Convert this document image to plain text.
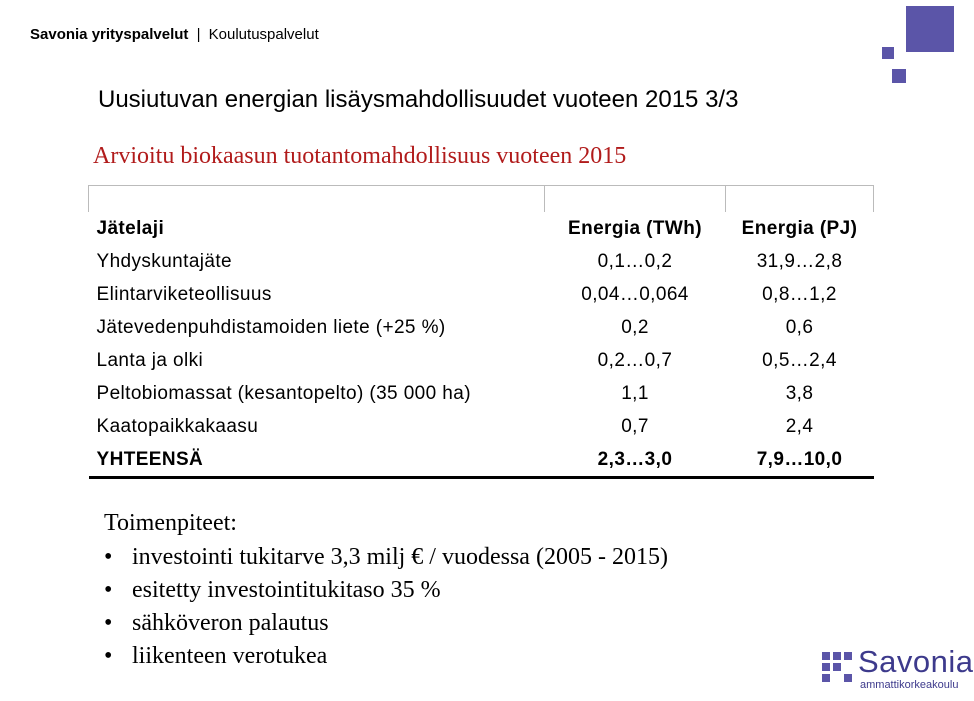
Savonia yrityspalvelut | Koulutuspalvelut
Uusiutuvan energian lisäysmahdollisuudet vuoteen 2015 3/3
Arvioitu biokaasun tuotantomahdollisuus vuoteen 2015

Jätelaji	Energia (TWh)	Energia (PJ)
Yhdyskuntajäte	0,1…0,2	31,9…2,8
Elintarviketeollisuus	0,04…0,064	0,8…1,2
Jätevedenpuhdistamoiden liete (+25 %)	0,2	0,6
Lanta ja olki	0,2…0,7	0,5…2,4
Peltobiomassat (kesantopelto) (35 000 ha)	1,1	3,8
Kaatopaikkakaasu	0,7	2,4
YHTEENSÄ	2,3…3,0	7,9…10,0
Toimenpiteet:
• investointi tukitarve 3,3 milj € / vuodessa (2005 - 2015)
• esitetty investointitukitaso 35 %
• sähköveron palautus
• liikenteen verotukea	Savonia
ammattikorkeakoulu
